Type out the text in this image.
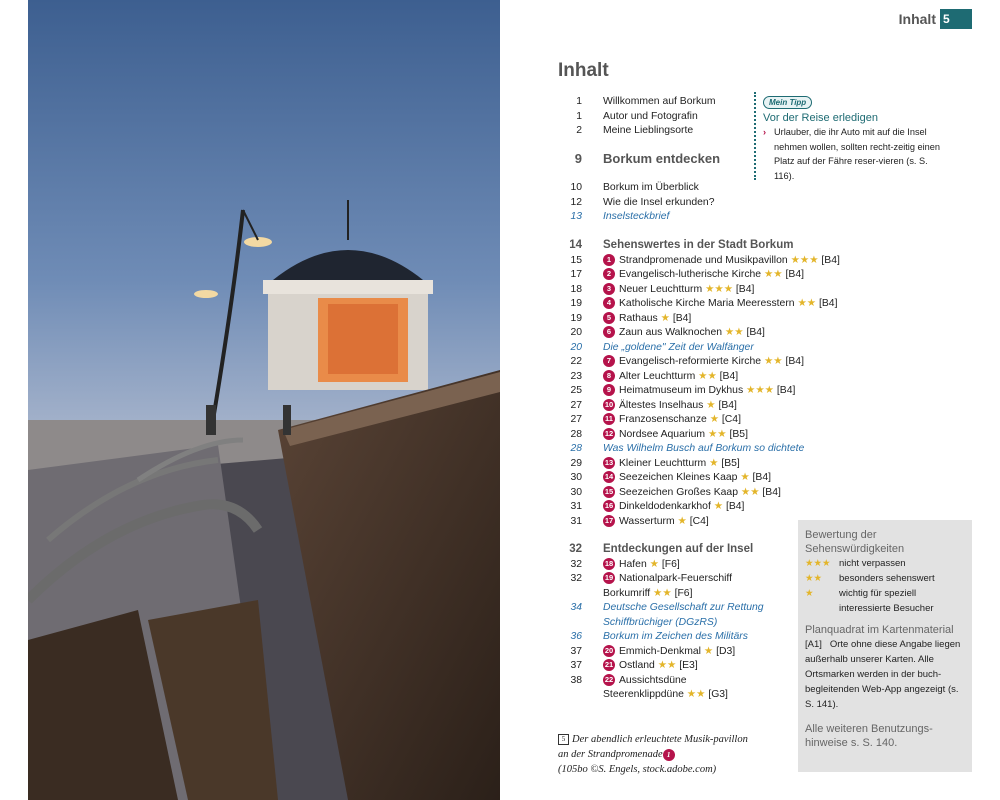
Inhalt 5
Inhalt
1 Willkommen auf Borkum
1 Autor und Fotografin
2 Meine Lieblingsorte
9 Borkum entdecken
10 Borkum im Überblick
12 Wie die Insel erkunden?
13 Inselsteckbrief
14 Sehenswertes in der Stadt Borkum
15	1 Strandpromenade und Musikpavillon ★★★ [B4]
17	2 Evangelisch-lutherische Kirche ★★ [B4]
18	3 Neuer Leuchtturm ★★★ [B4]
19	4 Katholische Kirche Maria Meeresstern ★★ [B4]
19	5 Rathaus ★ [B4]
20	6 Zaun aus Walknochen ★★ [B4]
20 Die „goldene" Zeit der Walfänger
22	7 Evangelisch-reformierte Kirche ★★ [B4]
23	8 Alter Leuchtturm ★★ [B4]
25	9 Heimatmuseum im Dykhus ★★★ [B4]
27	10 Ältestes Inselhaus ★ [B4]
27	11 Franzosenschanze ★ [C4]
28	12 Nordsee Aquarium ★★ [B5]
28 Was Wilhelm Busch auf Borkum so dichtete
29	13 Kleiner Leuchtturm ★ [B5]
30	14 Seezeichen Kleines Kaap ★ [B4]
30	15 Seezeichen Großes Kaap ★★ [B4]
31	16 Dinkeldodenkarkhof ★ [B4]
31	17 Wasserturm ★ [C4]
32 Entdeckungen auf der Insel
32	18 Hafen ★ [F6]
32	19 Nationalpark-Feuerschiff
Borkumriff ★★ [F6]
34 Deutsche Gesellschaft zur Rettung
Schiffbrüchiger (DGzRS)
36 Borkum im Zeichen des Militärs
37	20 Emmich-Denkmal ★ [D3]
37	21 Ostland ★★ [E3]
38	22 Aussichtsdüne
Steerenklippdüne ★★ [G3]
Mein Tipp
Vor der Reise erledigen
› Urlauber, die ihr Auto mit auf die Insel nehmen wollen, sollten recht-zeitig einen Platz auf der Fähre reser-vieren (s. S. 116).
Bewertung der Sehenswürdigkeiten
★★★ nicht verpassen
★★	besonders sehenswert
★	wichtig für speziell interessierte Besucher
Planquadrat im Kartenmaterial
[A1] Orte ohne diese Angabe liegen außerhalb unserer Karten. Alle Ortsmarken werden in der buch-begleitenden Web-App angezeigt (s. S. 141).
Alle weiteren Benutzungs-hinweise s. S. 140.
5 Der abendlich erleuchtete Musik-pavillon an der Strandpromenade 1
(105bo ©S. Engels, stock.adobe.com)
